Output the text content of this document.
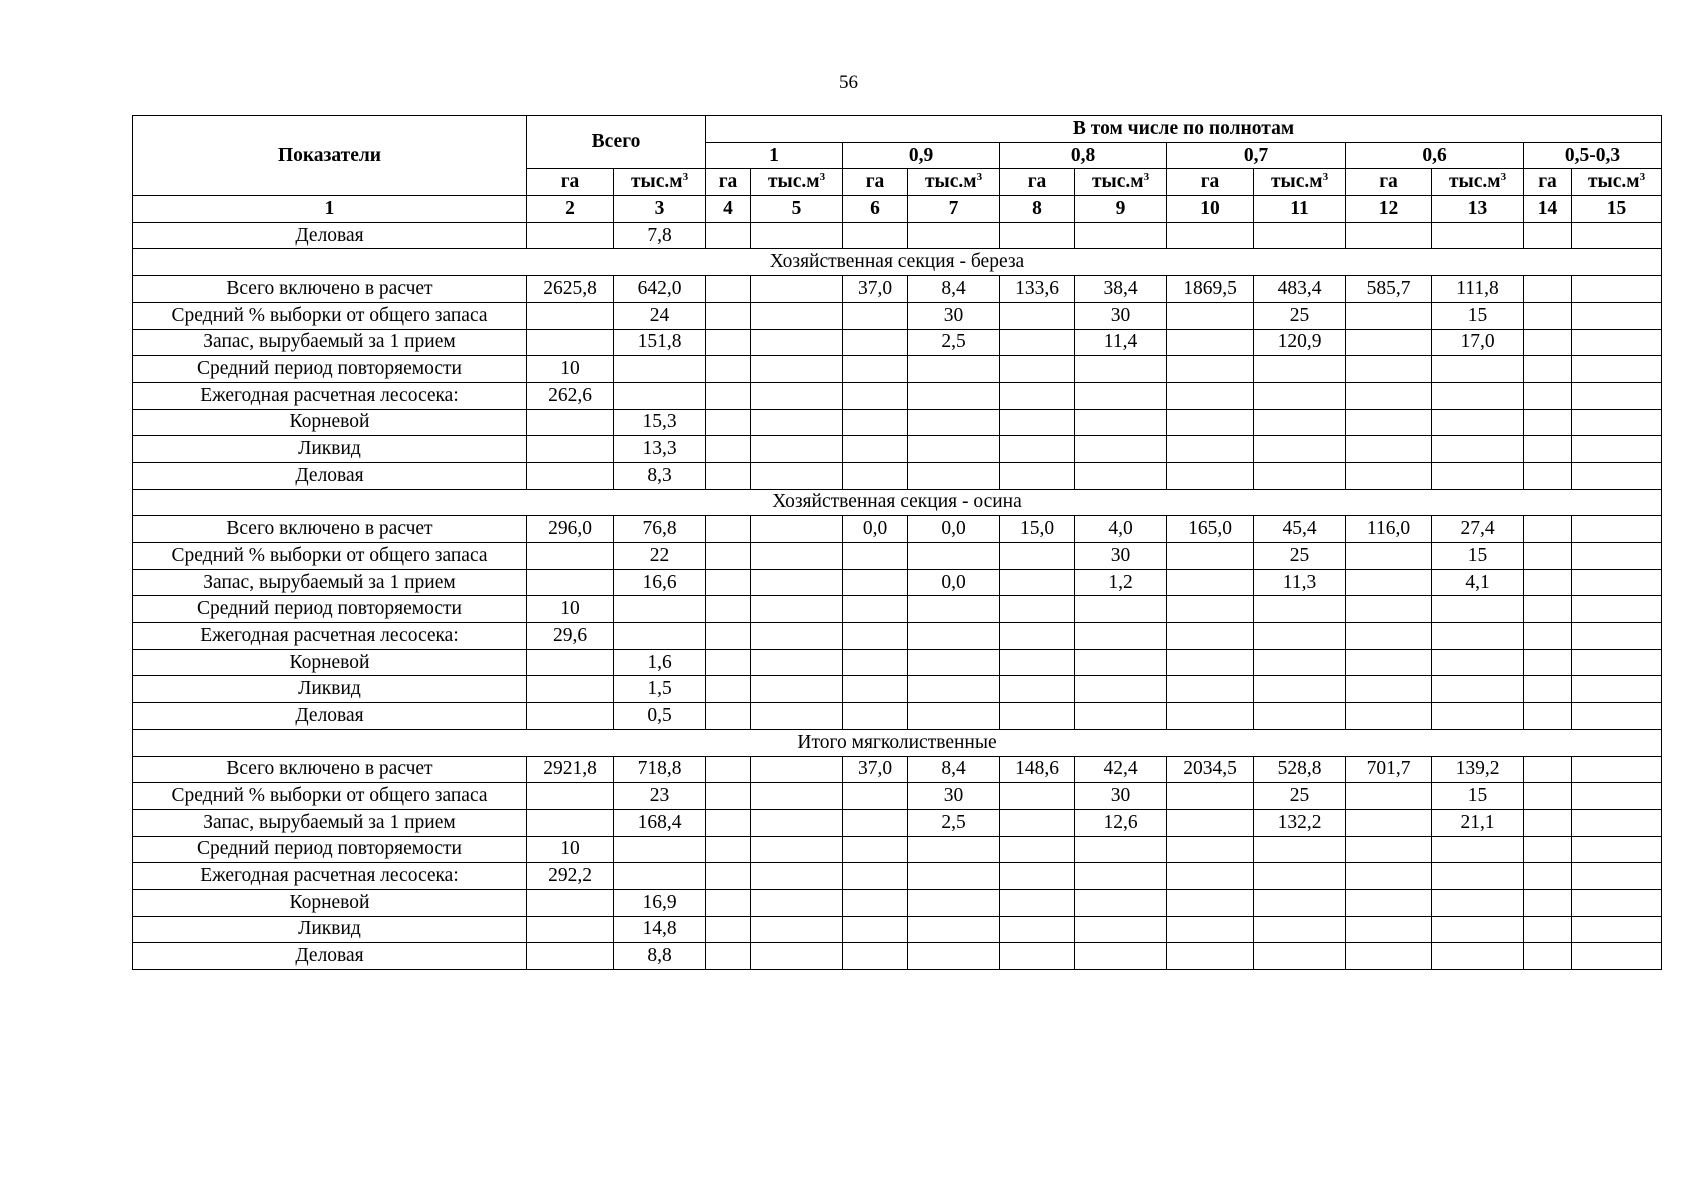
56
Показатели	Всего		В том числе по полнотам											
			1		0,9		0,8		0,7		0,6		0,5-0,3	
	га	$тыс.м^3$	га	$тыс.м^3$	га	$тыс.м^3$	га	$тыс.м^3$	га	$тыс.м^3$	га	$тыс.м^3$	га	$тыс.м^3$
1	2	3	4	5	6	7	8	9	10	11	12	13	14	15
Деловая		7,8												
Хозяйственная секция - береза														
Всего включено в расчет	2625,8	642,0			37,0	8,4	133,6	38,4	1869,5	483,4	585,7	111,8		
Средний % выборки от общего запаса		24				30		30		25		15		
Запас, вырубаемый за 1 прием		151,8				2,5		11,4		120,9		17,0		
Средний период повторяемости	10													
Ежегодная расчетная лесосека:	262,6													
Корневой		15,3												
Ликвид		13,3												
Деловая		8,3												
Хозяйственная секция - осина														
Всего включено в расчет	296,0	76,8			0,0	0,0	15,0	4,0	165,0	45,4	116,0	27,4		
Средний % выборки от общего запаса		22						30		25		15		
Запас, вырубаемый за 1 прием		16,6				0,0		1,2		11,3		4,1		
Средний период повторяемости	10													
Ежегодная расчетная лесосека:	29,6													
Корневой		1,6												
Ликвид		1,5												
Деловая		0,5												
Итого мягколиственные														
Всего включено в расчет	2921,8	718,8			37,0	8,4	148,6	42,4	2034,5	528,8	701,7	139,2		
Средний % выборки от общего запаса		23				30		30		25		15		
Запас, вырубаемый за 1 прием		168,4				2,5		12,6		132,2		21,1		
Средний период повторяемости	10													
Ежегодная расчетная лесосека:	292,2													
Корневой		16,9												
Ликвид		14,8												
Деловая		8,8												
